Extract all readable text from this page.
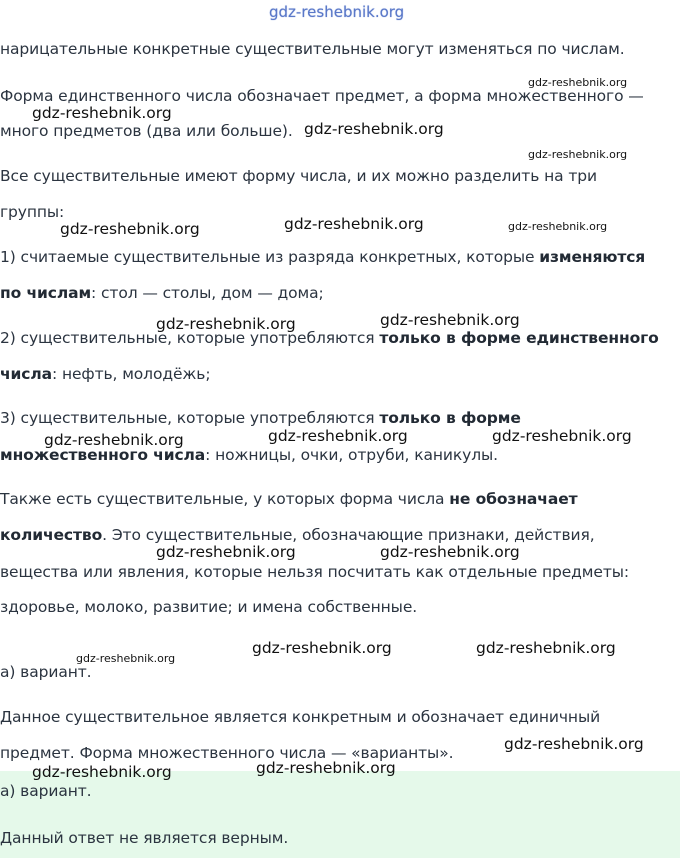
нарицательные конкретные существительные могут изменяться по числам.

Форма единственного числа обозначает предмет, а форма множественного —

много предметов (два или больше).

Все существительные имеют форму числа, и их можно разделить на три

группы:

1) считаемые существительные из разряда конкретных, которые изменяются

по числам: стол — столы, дом — дома;

2) существительные, которые употребляются только в форме единственного

числа: нефть, молодёжь;

3) существительные, которые употребляются только в форме

множественного числа: ножницы, очки, отруби, каникулы.

Также есть существительные, у которых форма числа не обозначает

количество. Это существительные, обозначающие признаки, действия,

вещества или явления, которые нельзя посчитать как отдельные предметы:

здоровье, молоко, развитие; и имена собственные.

а) вариант.

Данное существительное является конкретным и обозначает единичный

предмет. Форма множественного числа — «варианты».

а) вариант.

Данный ответ не является верным.

gdz-reshebnik.org

gdz-reshebnik.org

gdz-reshebnik.org

gdz-reshebnik.org

gdz-reshebnik.org

gdz-reshebnik.org	gdz-reshebnik.org	gdz-reshebnik.org

gdz-reshebnik.org	gdz-reshebnik.org

gdz-reshebnik.org	gdz-reshebnik.org	gdz-reshebnik.org

gdz-reshebnik.org	gdz-reshebnik.org

gdz-reshebnik.org

gdz-reshebnik.org	gdz-reshebnik.org

gdz-reshebnik.org

gdz-reshebnik.org	gdz-reshebnik.org
